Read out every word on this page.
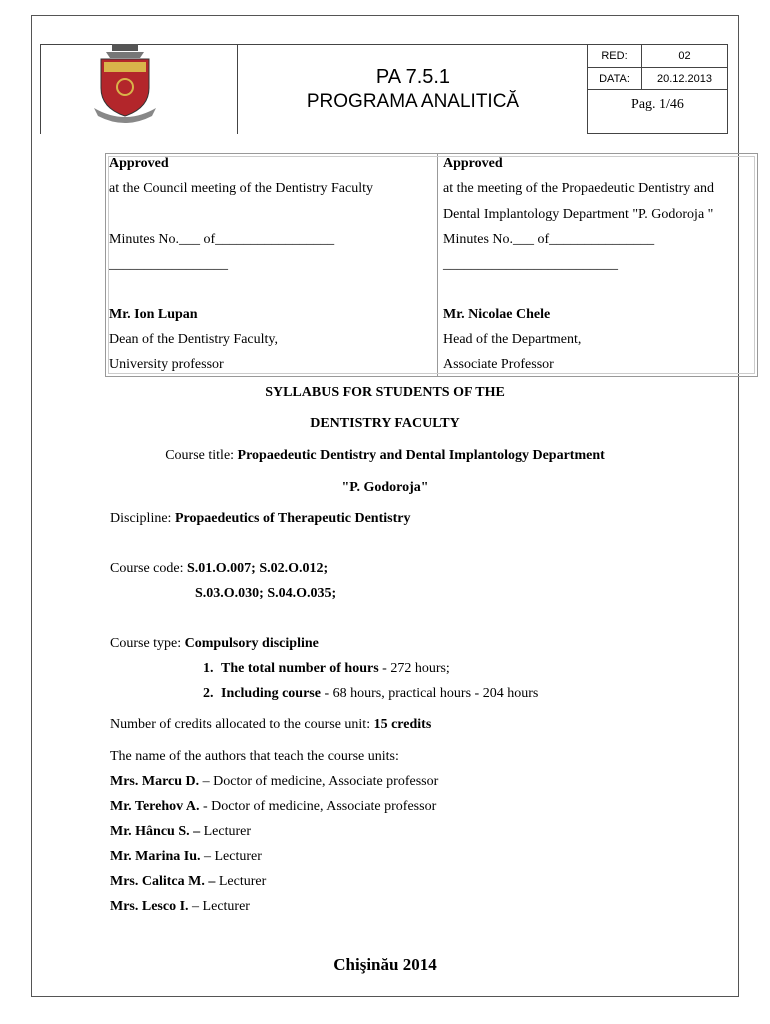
PA 7.5.1
PROGRAMA ANALITICĂ
RED:	02
DATA:	20.12.2013
Pag. 1/46
Approved
at the Council meeting of the Dentistry Faculty
Minutes No.___ of_________________
_________________
Mr. Ion Lupan
Dean of the Dentistry Faculty,
University professor
Approved
at the meeting of the Propaedeutic Dentistry and
Dental Implantology Department "P. Godoroja "
Minutes No.___ of_______________
_________________________
Mr. Nicolae Chele
Head of the Department,
Associate Professor
SYLLABUS FOR STUDENTS OF THE
DENTISTRY FACULTY
Course title: Propaedeutic Dentistry and Dental Implantology Department
"P. Godoroja"
Discipline: Propaedeutics of Therapeutic Dentistry
Course code: S.01.O.007; S.02.O.012;
S.03.O.030; S.04.O.035;
Course type: Compulsory discipline
1. The total number of hours - 272 hours;
2. Including course - 68 hours, practical hours - 204 hours
Number of credits allocated to the course unit: 15 credits
The name of the authors that teach the course units:
Mrs. Marcu D. – Doctor of medicine, Associate professor
Mr. Terehov A. - Doctor of medicine, Associate professor
Mr. Hâncu S. – Lecturer
Mr. Marina Iu. – Lecturer
Mrs. Calitca M. – Lecturer
Mrs. Lesco I. – Lecturer
Chişinău 2014
